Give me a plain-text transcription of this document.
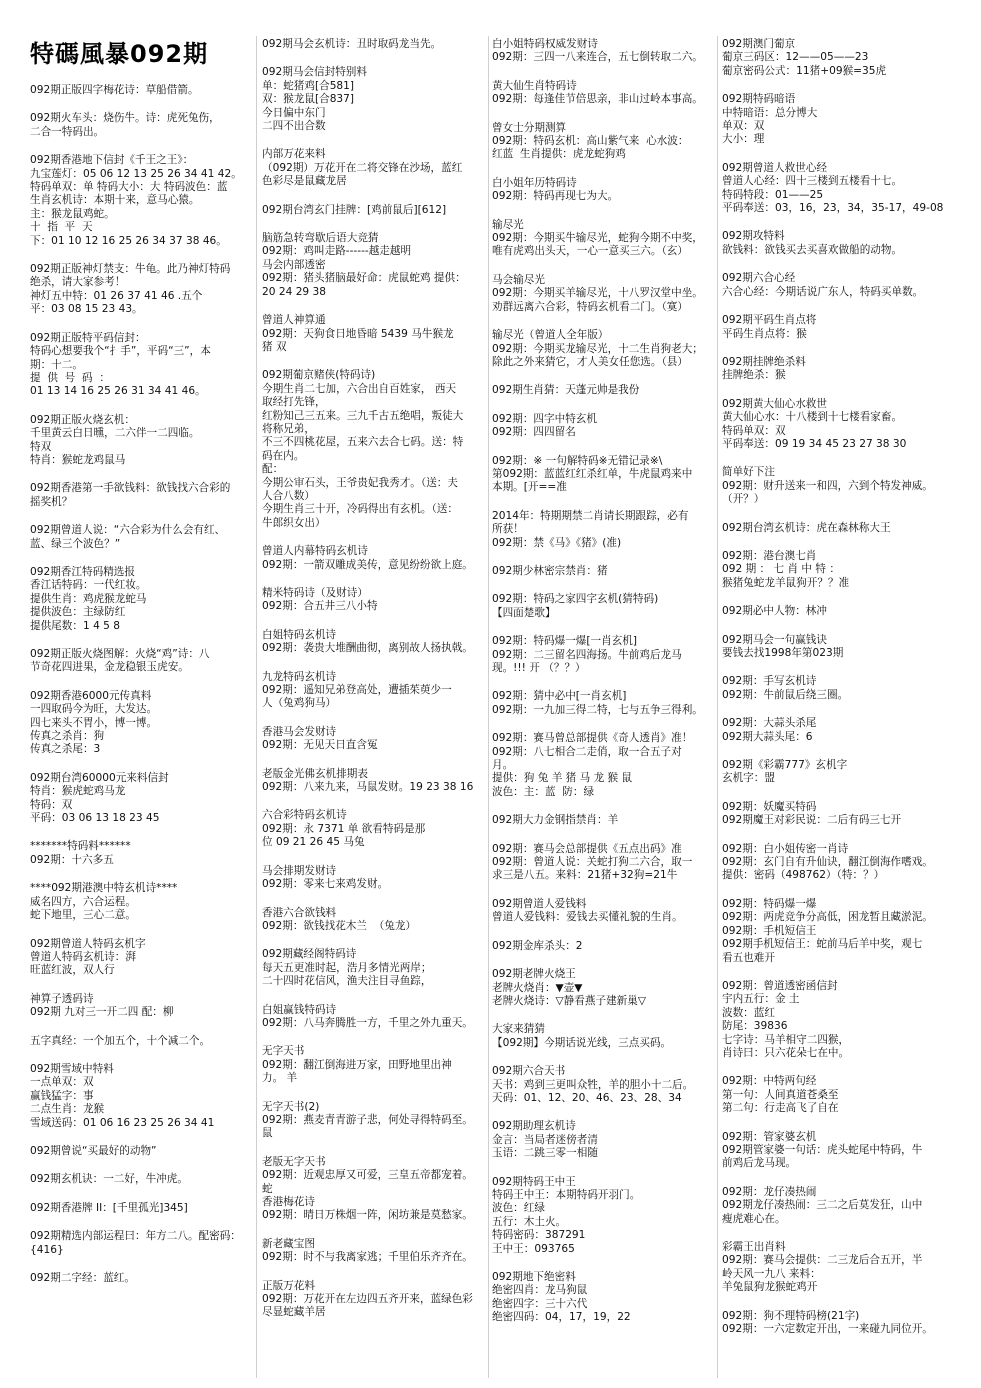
特碼風暴092期
092期正版四字梅花诗：草船借箭。
092期火车头：烧伤牛。诗：虎死兔伤，
二合一特码出。
092期香港地下信封《千王之王》：
九宝莲灯：05 06 12 13 25 26 34 41 42。
特码单双：单 特码大小：大 特码波色：蓝
生肖玄机诗：本期十来，意马心猿。
主：猴龙鼠鸡蛇。
十  指  平  天
下：01 10 12 16 25 26 34 37 38 46。
092期正版神灯禁支：牛龟。此乃神灯特码
绝杀，请大家参考！
神灯五中特：01 26 37 41 46 .五个
平：03 08 15 23 43。
092期正版特平码信封：
特码心想要我个“扌手”，平码“三”，本
期：十二。
提  供  号  码  ：
01 13 14 16 25 26 31 34 41 46。
092期正版火烧玄机：
千里黄云白日曛，二六伴一二四临。
特双
特肖：猴蛇龙鸡鼠马
092期香港第一手欲钱料：欲钱找六合彩的
摇奖机？
092期曾道人说：“六合彩为什么会有红、
蓝、绿三个波色？”
092期香江特码精选报
香江话特码：一代红妆。
提供生肖：鸡虎猴龙蛇马
提供波色：主绿防红
提供尾数：1 4 5 8
092期正版火烧图解：火烧“鸡”诗：八
节奇花四进果，金龙稳银玉虎安。
092期香港6000元传真料
一四取码今为旺，大发达。
四七来头不胃小，博一博。
传真之杀肖：狗
传真之杀尾：3
092期台湾60000元来料信封
特肖：猴虎蛇鸡马龙
特码：双
平码：03 06 13 18 23 45
*******特码料******
092期：十六多五
****092期港澳中特玄机诗****
威名四方，六合运程。
蛇下地里，三心二意。
092期曾道人特码玄机字
曾道人特码玄机诗：湃
旺蓝红波，双人行
神算子透码诗
092期 九对三一开二四 配：柳
五字真经：一个加五个，十个减二个。
092期雪域中特料
一点单双：双
赢钱猛字：事
二点生肖：龙猴
雪域送码：01 06 16 23 25 26 34 41
092期曾说“买最好的动物”
092期玄机诀：一二好，牛冲虎。
092期香港牌 II：[千里孤光]345]
092期精选内部运程曰：年方二八。配密码：
{416}
092期二字经：蓝红。
092期马会玄机诗：丑时取码龙当先。
092期马会信封特别料
单：蛇猪鸡[合581]
双：猴龙鼠[合837]
今日偏中东门
二四不出合数
内部万花来料
（092期）万花开在二将交锋在沙场，蓝红
色彩尽是鼠藏龙居
092期台湾玄门挂牌：[鸡前鼠后][612]
脑筋急转弯歇后语大竞猜
092期：鸡叫走路------越走越明
马会内部透密
092期：猪头猪脑最好命：虎鼠蛇鸡 提供：
20 24 29 38
曾道人神算通
092期：天狗食日地昏暗 5439 马牛猴龙
猪 双
092期葡京赌侠(特码诗)
今期生肖二七加，六合出自百姓家， 西天
取经打先锋，
红粉知己三五来。三九千古五绝唱，叛徒大
将称兄弟，
不三不四桃花屋，五来六去合七码。送：特
码在内。
配：
今期公审石头，王爷贵妃我秀才。（送：夫
人合八数）
今期生肖三十开，冷码得出有玄机。（送：
牛郎织女出）
曾道人内幕特码玄机诗
092期：一箭双雕成美传，意见纷纷欲上庭。
精米特码诗（及财诗）
092期：合五井三八小特
白姐特码玄机诗
092期：袭贵大堆酬曲彻，离别故人扬执戟。
九龙特码玄机诗
092期：遥知兄弟登高处，遭插茱萸少一
人（兔鸡狗马）
香港马会发财诗
092期：无见天日直含冤
老版金光佛玄机排期表
092期：八来九来，马鼠发财。19 23 38 16
六合彩特码玄机诗
092期：永 7371 单 欲看特码是那
位 09 21 26 45 马兔
马会排期发财诗
092期：零来七来鸡发财。
香港六合欲钱料
092期：欲钱找花木兰  （兔龙）
092期藏经阁特码诗
每天五更准时起，浩月多情光两岸；
二十四时花信风，渔夫注目寻鱼踪，
白姐赢钱特码诗
092期：八马奔腾胜一方，千里之外九重天。
无字天书
092期：翻江倒海进万家，田野地里出神
力。 羊
无字天书(2)
092期：燕麦青青游子悲，何处寻得特码至。
鼠
老版无字天书
092期：近观忠厚又可爱，三皇五帝都宠着。
蛇
香港梅花诗
092期：晴日万株烟一阵，闲坊兼是莫愁家。
新老藏宝图
092期：时不与我离家逃；千里伯乐齐齐在。
正版万花料
092期：万花开在左边四五齐开来，蓝绿色彩
尽显蛇藏羊居
白小姐特码权威发财诗
092期：三四一八来连合，五七倒转取二六。
黄大仙生肖特码诗
092期：每逢佳节倍思亲，非山过岭本事高。
曾女士分期测算
092期：特码玄机：高山紫气来  心水波：
红蓝  生肖提供：虎龙蛇狗鸡
白小姐年历特码诗
092期：特码再现七为大。
输尽光
092期：今期买牛输尽光，蛇狗今期不中奖，
唯有虎鸡出头天，一心一意买三六。（玄）
马会输尽光
092期：今期买羊输尽光，十八罗汉堂中坐。
劝群远离六合彩，特码玄机看二门。（寞）
输尽光（曾道人全年版）
092期：今期买龙输尽光，十二生肖狗老大；
除此之外来猜它，才人美女任您选。（县）
092期生肖猜：天蓬元帅是我份
092期：四字中特玄机
092期：四四留名
092期：※ 一句解特码※无错记录※\
第092期：蓝蓝红红杀红单，牛虎鼠鸡来中
本期。[开==准
2014年：特期期禁二肖请长期跟踪，必有
所获！
092期：禁《马》《猪》(准)
092期少林密宗禁肖：猪
092期：特码之家四字玄机(猜特码)
【四面楚歌】
092期：特码爆一爆[一肖玄机]
092期：二三留名四海扬。牛前鸡后龙马
现。!!! 开 （？？）
092期：猜中必中[一肖玄机]
092期：一九加三得二特，七与五争三得利。
092期：赛马曾总部提供《奇人透肖》准！
092期：八七相合二走俏，取一合五子对
月。
提供：狗 兔 羊 猪 马 龙 猴 鼠
波色：主：蓝  防：绿
092期大力金钢指禁肖：羊
092期：赛马会总部提供《五点出码》准
092期：曾道人说：关蛇打狗二六合，取一
求三是八五。来料：21猪+32狗=21牛
092期曾道人爱钱料
曾道人爱钱料：爱钱去买懂礼貌的生肖。
092期金库杀头：2
092期老牌火烧王
老牌火烧肖：▼壶▼
老牌火烧诗：▽静看燕子建新巢▽
大家来猜猜
【092期】今期话说光线，三点买码。
092期六合天书
天书：鸡到三更叫众牲，羊的胆小十二后。
天码：01、12、20、46、23、28、34
092期助理玄机诗
金言：当局者迷傍者清
玉语：二跳三零一相随
092期特码王中王
特码王中王：本期特码开羽门。
波色：红绿
五行：木土火。
特码密码：387291
王中王：093765
092期地下绝密料
绝密四肖：龙马狗鼠
绝密四字：三十六代
绝密四码：04，17，19，22
092期澳门葡京
葡京三码区：12——05——23
葡京密码公式：11猪+09猴=35虎
092期特码暗语
中特暗语：总分博大
单双：双
大小：理
092期曾道人救世心经
曾道人心经：四十三楼到五楼看十七。
特码特段：01——25
平码奉送：03，16，23，34，35-17，49-08
092期攻特料
欲钱料：欲钱买去买喜欢做船的动物。
092期六合心经
六合心经：今期话说广东人，特码买单数。
092期平码生肖点将
平码生肖点将：猴
092期挂牌绝杀料
挂牌绝杀：猴
092期黄大仙心水救世
黄大仙心水：十八楼到十七楼看家畜。
特码单双：双
平码奉送：09 19 34 45 23 27 38 30
简单好下注
092期：财升送来一和四，六到个特发神威。
（开？）
092期台湾玄机诗：虎在森林称大王
092期：港台澳七肖
092 期 ： 七 肖 中 特 ：
猴猪兔蛇龙羊鼠狗开？？准
092期必中人物：林冲
092期马会一句赢钱诀
要钱去找1998年第023期
092期：手写玄机诗
092期：牛前鼠后绕三圈。
092期：大蒜头杀尾
092期大蒜头尾：6
092期《彩霸777》玄机字
玄机字：盟
092期：妖魔买特码
092期魔王对彩民说：二后有码三七开
092期：白小姐传密一肖诗
092期：玄门自有升仙诀，翻江倒海作嗜戏。
提供：密码（498762）（特：？）
092期：特码爆一爆
092期：两虎竞争分高低，困龙暂且藏淤泥。
092期：手机短信王
092期手机短信王：蛇前马后羊中奖，观七
看五也难开
092期：曾道透密函信封
宇内五行：金 土
波数：蓝红
防尾：39836
七字诗：马羊相守二四猴，
肖诗曰：只六花朵七在中。
092期：中特两句经
第一句：人间真道苍桑至
第二句：行走高飞了自在
092期：管家婆玄机
092期管家婆一句话：虎头蛇尾中特码，牛
前鸡后龙马现。
092期：龙仔凑热闹
092期龙仔凑热闹：三二之后莫发狂，山中
瘦虎难心在。
彩霸王出肖料
092期：赛马会提供：二三龙后合五开，半
岭天风一九八 来料：
羊兔鼠狗龙猴蛇鸡开
092期：狗不理特码榜(21字)
092期：一六定数定开出，一来碰九同位开。
